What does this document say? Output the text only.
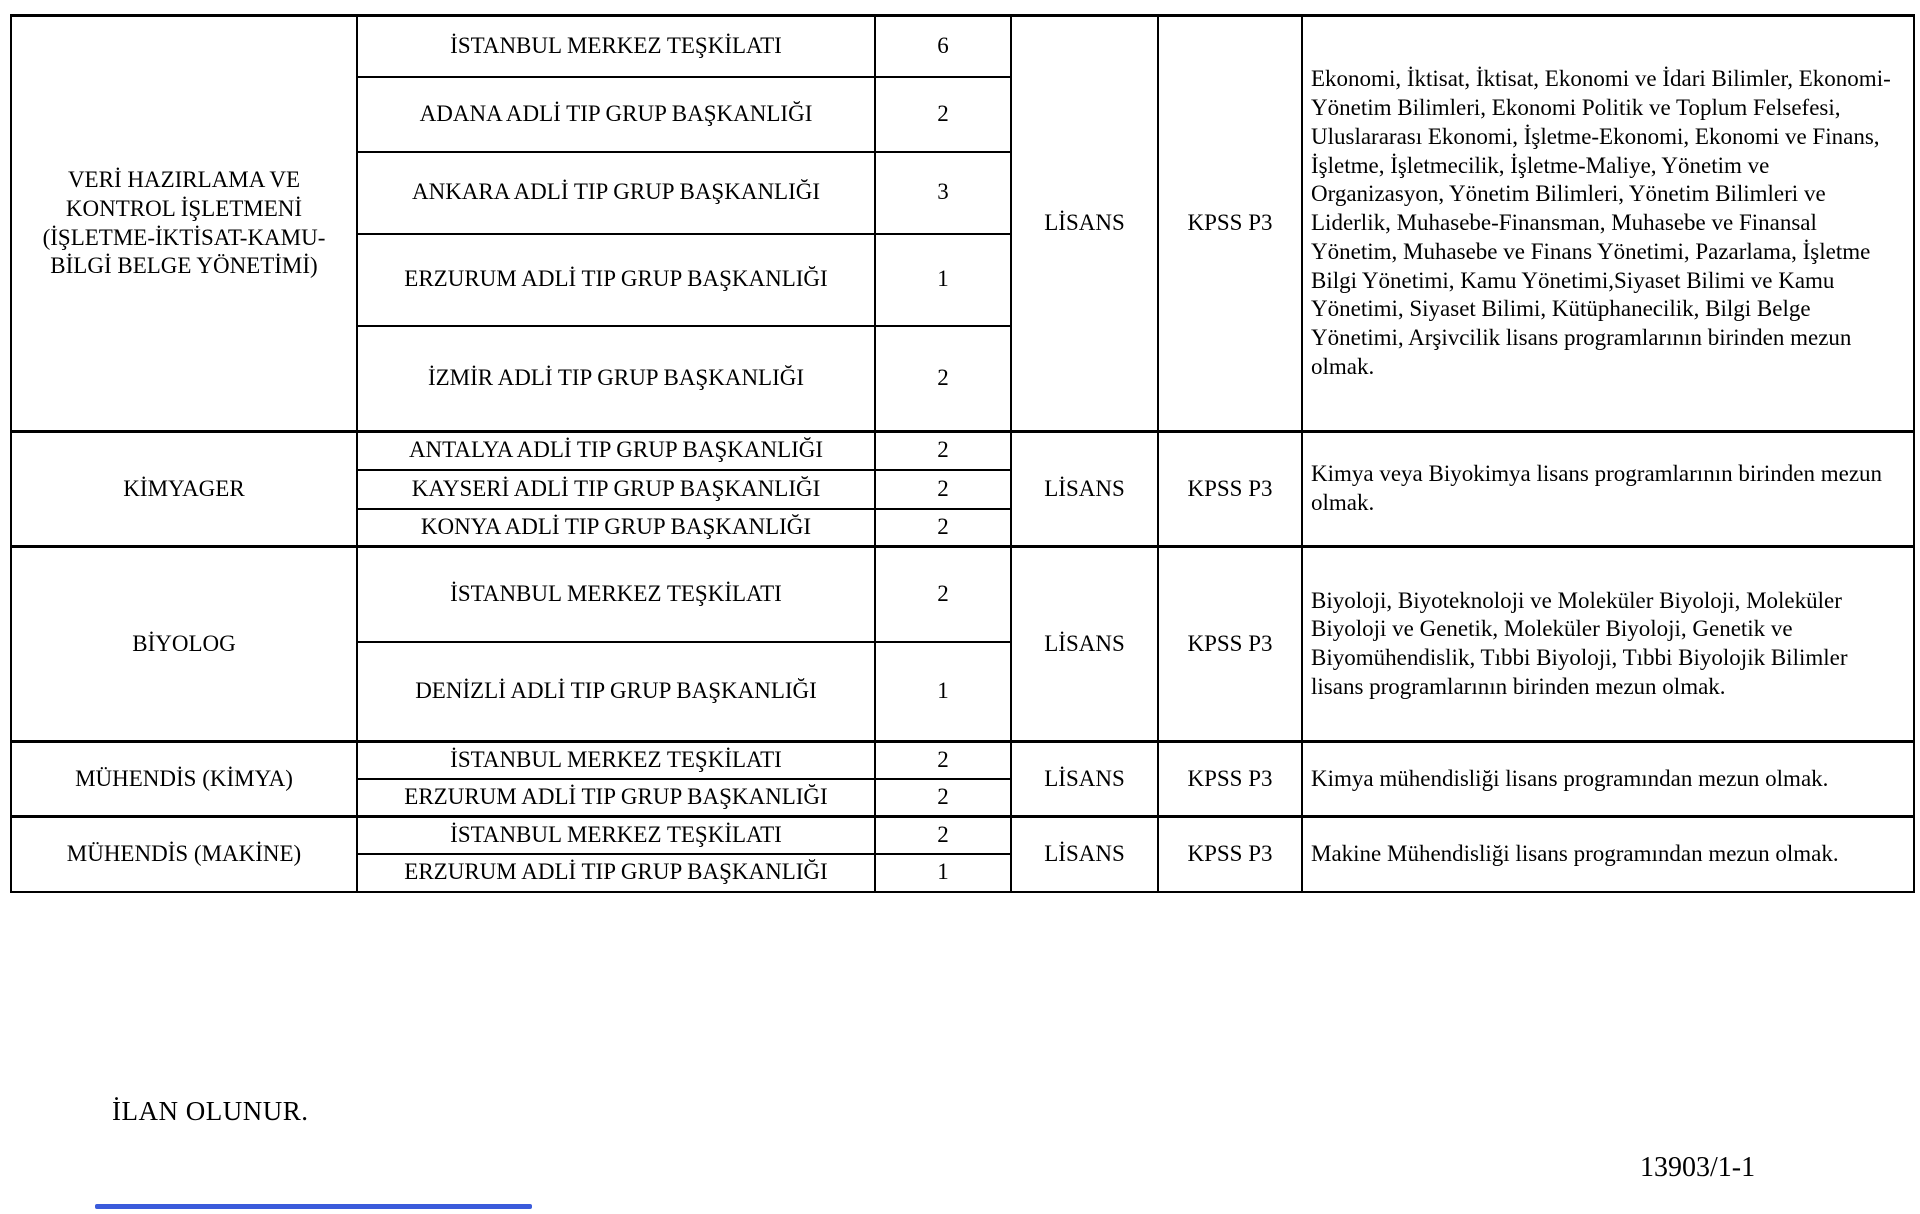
VERİ HAZIRLAMA VE KONTROL İŞLETMENİ (İŞLETME-İKTİSAT-KAMU-BİLGİ BELGE YÖNETİMİ)	İSTANBUL MERKEZ TEŞKİLATI	6	LİSANS	KPSS P3	Ekonomi, İktisat, İktisat, Ekonomi ve İdari Bilimler, Ekonomi-Yönetim Bilimleri, Ekonomi Politik ve Toplum Felsefesi, Uluslararası Ekonomi, İşletme-Ekonomi, Ekonomi ve Finans, İşletme, İşletmecilik, İşletme-Maliye, Yönetim ve Organizasyon, Yönetim Bilimleri, Yönetim Bilimleri ve Liderlik, Muhasebe-Finansman, Muhasebe ve Finansal Yönetim, Muhasebe ve Finans Yönetimi, Pazarlama, İşletme Bilgi Yönetimi, Kamu Yönetimi,Siyaset Bilimi ve Kamu Yönetimi, Siyaset Bilimi, Kütüphanecilik, Bilgi Belge Yönetimi, Arşivcilik lisans programlarının birinden mezun olmak.
	ADANA ADLİ TIP GRUP BAŞKANLIĞI	2			
	ANKARA ADLİ TIP GRUP BAŞKANLIĞI	3			
	ERZURUM ADLİ TIP GRUP BAŞKANLIĞI	1			
	İZMİR ADLİ TIP GRUP BAŞKANLIĞI	2			
KİMYAGER	ANTALYA ADLİ TIP GRUP BAŞKANLIĞI	2	LİSANS	KPSS P3	Kimya veya Biyokimya lisans programlarının birinden mezun olmak.
	KAYSERİ ADLİ TIP GRUP BAŞKANLIĞI	2			
	KONYA ADLİ TIP GRUP BAŞKANLIĞI	2			
BİYOLOG	İSTANBUL MERKEZ TEŞKİLATI	2	LİSANS	KPSS P3	Biyoloji, Biyoteknoloji ve Moleküler Biyoloji, Moleküler Biyoloji ve Genetik, Moleküler Biyoloji, Genetik ve Biyomühendislik, Tıbbi Biyoloji, Tıbbi Biyolojik Bilimler lisans programlarının birinden mezun olmak.
	DENİZLİ ADLİ TIP GRUP BAŞKANLIĞI	1			
MÜHENDİS (KİMYA)	İSTANBUL MERKEZ TEŞKİLATI	2	LİSANS	KPSS P3	Kimya mühendisliği lisans programından mezun olmak.
	ERZURUM ADLİ TIP GRUP BAŞKANLIĞI	2			
MÜHENDİS (MAKİNE)	İSTANBUL MERKEZ TEŞKİLATI	2	LİSANS	KPSS P3	Makine Mühendisliği lisans programından mezun olmak.
	ERZURUM ADLİ TIP GRUP BAŞKANLIĞI	1			
İLAN OLUNUR.
13903/1-1
